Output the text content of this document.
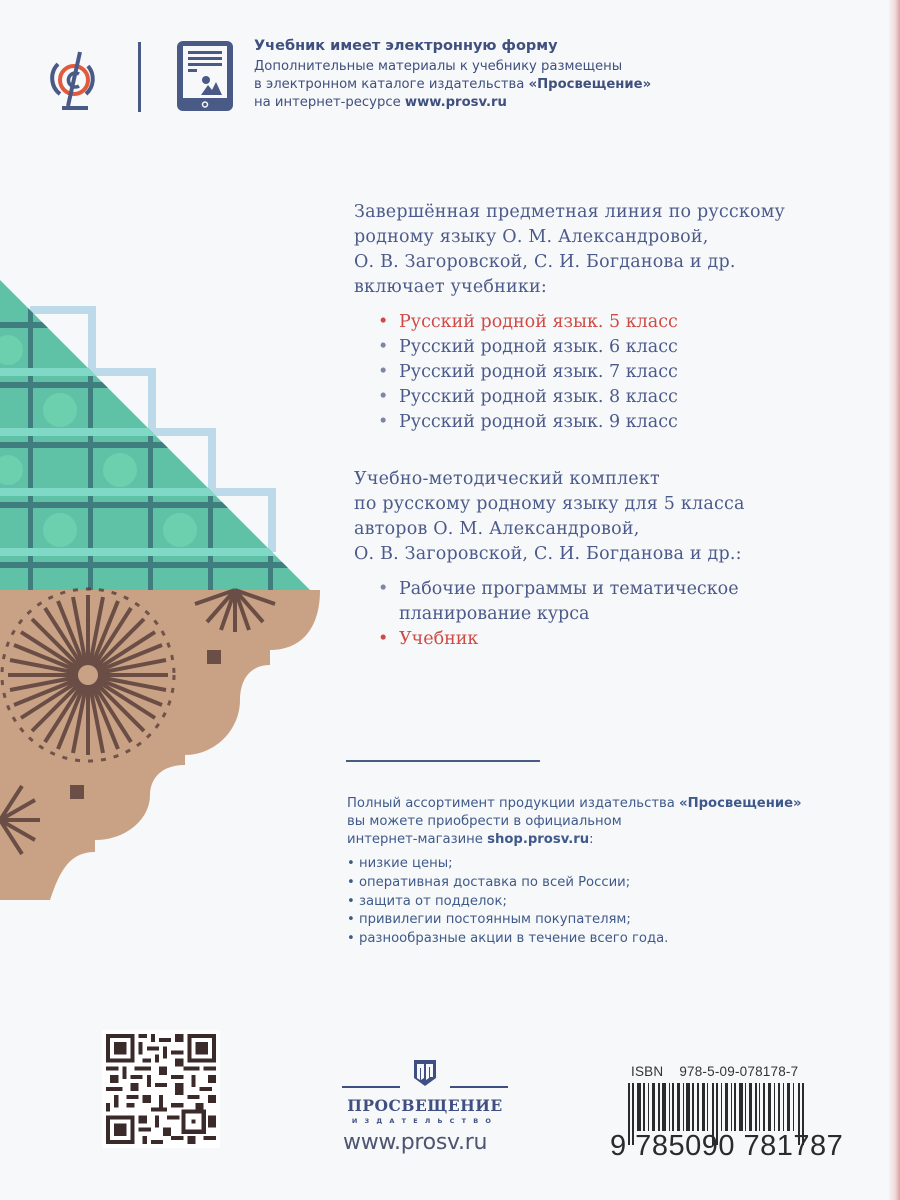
Учебник имеет электронную форму
Дополнительные материалы к учебнику размещены
в электронном каталоге издательства «Просвещение»
на интернет-ресурсе www.prosv.ru
Завершённая предметная линия по русскому
родному языку О. М. Александровой,
О. В. Загоровской, С. И. Богданова и др.
включает учебники:
• Русский родной язык. 5 класс
• Русский родной язык. 6 класс
• Русский родной язык. 7 класс
• Русский родной язык. 8 класс
• Русский родной язык. 9 класс
Учебно-методический комплект
по русскому родному языку для 5 класса
авторов О. М. Александровой,
О. В. Загоровской, С. И. Богданова и др.:
• Рабочие программы и тематическое
планирование курса
• Учебник
Полный ассортимент продукции издательства «Просвещение»
вы можете приобрести в официальном
интернет-магазине shop.prosv.ru:
• низкие цены;
• оперативная доставка по всей России;
• защита от подделок;
• привилегии постоянным покупателям;
• разнообразные акции в течение всего года.
ПРОСВЕЩЕНИЕ
ИЗДАТЕЛЬСТВО
www.prosv.ru
ISBN 978-5-09-078178-7
9 785090 781787
